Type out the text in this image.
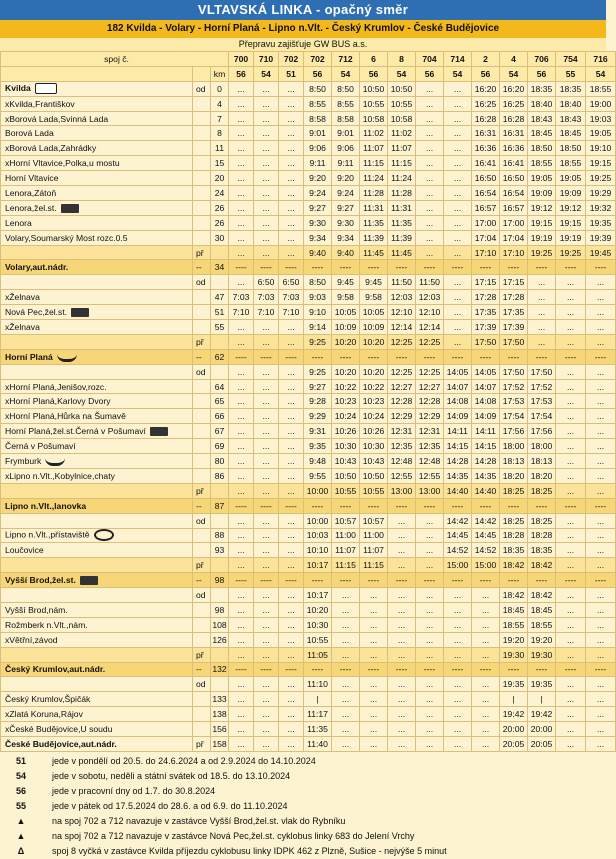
VLTAVSKÁ LINKA - opačný směr
182 Kvilda - Volary - Horní Planá - Lipno n.Vlt. - Český Krumlov - České Budějovice
Přepravu zajišťuje GW BUS a.s.
spoj č.			700	710	702	702	712	6	8	704	714	2	4	706	754	716
		km	56	54	51	56	54	56	54	56	54	56	54	56	55	54
Kvilda	od	0	...	...	...	8:50	8:50	10:50	10:50	...	...	16:20	16:20	18:35	18:35	18:55
xKvilda,Františkov		4	...	...	...	8:55	8:55	10:55	10:55	...	...	16:25	16:25	18:40	18:40	19:00
xBorová Lada,Svinná Lada		7	...	...	...	8:58	8:58	10:58	10:58	...	...	16:28	16:28	18:43	18:43	19:03
Borová Lada		8	...	...	...	9:01	9:01	11:02	11:02	...	...	16:31	16:31	18:45	18:45	19:05
xBorová Lada,Zahrádky		11	...	...	...	9:06	9:06	11:07	11:07	...	...	16:36	16:36	18:50	18:50	19:10
xHorní Vltavice,Polka,u mostu		15	...	...	...	9:11	9:11	11:15	11:15	...	...	16:41	16:41	18:55	18:55	19:15
Horní Vltavice		20	...	...	...	9:20	9:20	11:24	11:24	...	...	16:50	16:50	19:05	19:05	19:25
Lenora,Zátoň		24	...	...	...	9:24	9:24	11:28	11:28	...	...	16:54	16:54	19:09	19:09	19:29
Lenora,žel.st.		26	...	...	...	9:27	9:27	11:31	11:31	...	...	16:57	16:57	19:12	19:12	19:32
Lenora		26	...	...	...	9:30	9:30	11:35	11:35	...	...	17:00	17:00	19:15	19:15	19:35
Volary,Soumarský Most rozc.0.5		30	...	...	...	9:34	9:34	11:39	11:39	...	...	17:04	17:04	19:19	19:19	19:39
	př		...	...	...	9:40	9:40	11:45	11:45	...	...	17:10	17:10	19:25	19:25	19:45
Volary,aut.nádr.	--	34	----	----	----	----	----	----	----	----	----	----	----	----	----	----
	od		...	6:50	6:50	8:50	9:45	9:45	11:50	11:50	...	17:15	17:15	...	...	...
xŽelnava		47	7:03	7:03	7:03	9:03	9:58	9:58	12:03	12:03	...	17:28	17:28	...	...	...
Nová Pec,žel.st.		51	7:10	7:10	7:10	9:10	10:05	10:05	12:10	12:10	...	17:35	17:35	...	...	...
xŽelnava		55	...	...	...	9:14	10:09	10:09	12:14	12:14	...	17:39	17:39	...	...	...
	př		...	...	...	9:25	10:20	10:20	12:25	12:25	...	17:50	17:50	...	...	...
Horní Planá	--	62	----	----	----	----	----	----	----	----	----	----	----	----	----	----
	od		...	...	...	9:25	10:20	10:20	12:25	12:25	14:05	14:05	17:50	17:50	...	...
xHorní Planá,Jenišov,rozc.		64	...	...	...	9:27	10:22	10:22	12:27	12:27	14:07	14:07	17:52	17:52	...	...
xHorní Planá,Karlovy Dvory		65	...	...	...	9:28	10:23	10:23	12:28	12:28	14:08	14:08	17:53	17:53	...	...
xHorní Planá,Hůrka na Šumavě		66	...	...	...	9:29	10:24	10:24	12:29	12:29	14:09	14:09	17:54	17:54	...	...
Horní Planá,žel.st.Černá v Pošumaví		67	...	...	...	9:31	10:26	10:26	12:31	12:31	14:11	14:11	17:56	17:56	...	...
Černá v Pošumaví		69	...	...	...	9:35	10:30	10:30	12:35	12:35	14:15	14:15	18:00	18:00	...	...
Frymburk		80	...	...	...	9:48	10:43	10:43	12:48	12:48	14:28	14:28	18:13	18:13	...	...
xLipno n.Vlt.,Kobylnice,chaty		86	...	...	...	9:55	10:50	10:50	12:55	12:55	14:35	14:35	18:20	18:20	...	...
	př		...	...	...	10:00	10:55	10:55	13:00	13:00	14:40	14:40	18:25	18:25	...	...
Lipno n.Vlt.,lanovka	--	87	----	----	----	----	----	----	----	----	----	----	----	----	----	----
	od		...	...	...	10:00	10:57	10:57	...	...	14:42	14:42	18:25	18:25	...	...
Lipno n.Vlt.,přístaviště		88	...	...	...	10:03	11:00	11:00	...	...	14:45	14:45	18:28	18:28	...	...
Loučovice		93	...	...	...	10:10	11:07	11:07	...	...	14:52	14:52	18:35	18:35	...	...
	př		...	...	...	10:17	11:15	11:15	...	...	15:00	15:00	18:42	18:42	...	...
Vyšší Brod,žel.st.	--	98	----	----	----	----	----	----	----	----	----	----	----	----	----	----
	od		...	...	...	10:17	...	...	...	...	...	...	18:42	18:42	...	...
Vyšší Brod,nám.		98	...	...	...	10:20	...	...	...	...	...	...	18:45	18:45	...	...
Rožmberk n.Vlt.,nám.		108	...	...	...	10:30	...	...	...	...	...	...	18:55	18:55	...	...
xVětřní,závod		126	...	...	...	10:55	...	...	...	...	...	...	19:20	19:20	...	...
	př		...	...	...	11:05	...	...	...	...	...	...	19:30	19:30	...	...
Český Krumlov,aut.nádr.	--	132	----	----	----	----	----	----	----	----	----	----	----	----	----	----
	od		...	...	...	11:10	...	...	...	...	...	...	19:35	19:35	...	...
Český Krumlov,Špičák		133	...	...	...	|	...	...	...	...	...	...	|	|	...	...
xZlatá Koruna,Rájov		138	...	...	...	11:17	...	...	...	...	...	...	19:42	19:42	...	...
xČeské Budějovice,U soudu		156	...	...	...	11:35	...	...	...	...	...	...	20:00	20:00	...	...
České Budějovice,aut.nádr.	př	158	...	...	...	11:40	...	...	...	...	...	...	20:05	20:05	...	...
51	jede v pondělí od 20.5. do 24.6.2024 a od 2.9.2024 do 14.10.2024
54	jede v sobotu, neděli a státní svátek od 18.5. do 13.10.2024
56	jede v pracovní dny od 1.7. do 30.8.2024
55	jede v pátek od 17.5.2024 do 28.6. a od 6.9. do 11.10.2024
▲	na spoj 702 a 712 navazuje v zastávce Vyšší Brod,žel.st. vlak do Rybníku
▲	na spoj 702 a 712 navazuje v zastávce Nová Pec,žel.st. cyklobus linky 683 do Jelení Vrchy
Δ	spoj 8 vyčká v zastávce Kvilda příjezdu cyklobusu linky IDPK 462 z Plzně, Sušice - nejvýše 5 minut
